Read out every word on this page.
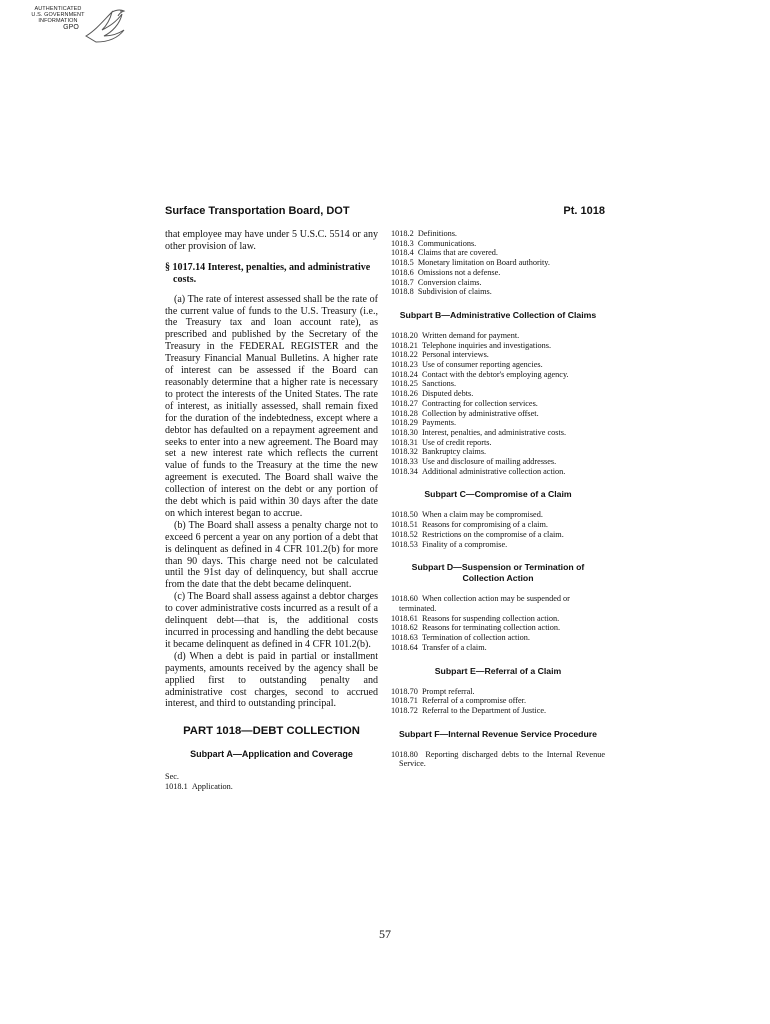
AUTHENTICATED
U.S. GOVERNMENT
INFORMATION
GPO
Surface Transportation Board, DOT	Pt. 1018

that employee may have under 5 U.S.C. 5514 or any other provision of law.

§ 1017.14 Interest, penalties, and administrative costs.

(a) The rate of interest assessed shall be the rate of the current value of funds to the U.S. Treasury (i.e., the Treasury tax and loan account rate), as prescribed and published by the Secretary of the Treasury in the FEDERAL REGISTER and the Treasury Financial Manual Bulletins. A higher rate of interest can be assessed if the Board can reasonably determine that a higher rate is necessary to protect the interests of the United States. The rate of interest, as initially assessed, shall remain fixed for the duration of the indebtedness, except where a debtor has defaulted on a repayment agreement and seeks to enter into a new agreement. The Board may set a new interest rate which reflects the current value of funds to the Treasury at the time the new agreement is executed. The Board shall waive the collection of interest on the debt or any portion of the debt which is paid within 30 days after the date on which interest began to accrue.

(b) The Board shall assess a penalty charge not to exceed 6 percent a year on any portion of a debt that is delinquent as defined in 4 CFR 101.2(b) for more than 90 days. This charge need not be calculated until the 91st day of delinquency, but shall accrue from the date that the debt became delinquent.

(c) The Board shall assess against a debtor charges to cover administrative costs incurred as a result of a delinquent debt—that is, the additional costs incurred in processing and handling the debt because it became delinquent as defined in 4 CFR 101.2(b).

(d) When a debt is paid in partial or installment payments, amounts received by the agency shall be applied first to outstanding penalty and administrative cost charges, second to accrued interest, and third to outstanding principal.

PART 1018—DEBT COLLECTION

Subpart A—Application and Coverage

Sec.

1018.1 Application.

1018.2 Definitions.

1018.3 Communications.

1018.4 Claims that are covered.

1018.5 Monetary limitation on Board authority.

1018.6 Omissions not a defense.

1018.7 Conversion claims.

1018.8 Subdivision of claims.

Subpart B—Administrative Collection of Claims

1018.20 Written demand for payment.

1018.21 Telephone inquiries and investigations.

1018.22 Personal interviews.

1018.23 Use of consumer reporting agencies.

1018.24 Contact with the debtor's employing agency.

1018.25 Sanctions.

1018.26 Disputed debts.

1018.27 Contracting for collection services.

1018.28 Collection by administrative offset.

1018.29 Payments.

1018.30 Interest, penalties, and administrative costs.

1018.31 Use of credit reports.

1018.32 Bankruptcy claims.

1018.33 Use and disclosure of mailing addresses.

1018.34 Additional administrative collection action.

Subpart C—Compromise of a Claim

1018.50 When a claim may be compromised.

1018.51 Reasons for compromising of a claim.

1018.52 Restrictions on the compromise of a claim.

1018.53 Finality of a compromise.

Subpart D—Suspension or Termination of Collection Action

1018.60 When collection action may be suspended or terminated.

1018.61 Reasons for suspending collection action.

1018.62 Reasons for terminating collection action.

1018.63 Termination of collection action.

1018.64 Transfer of a claim.

Subpart E—Referral of a Claim

1018.70 Prompt referral.

1018.71 Referral of a compromise offer.

1018.72 Referral to the Department of Justice.

Subpart F—Internal Revenue Service Procedure

1018.80 Reporting discharged debts to the Internal Revenue Service.

57
